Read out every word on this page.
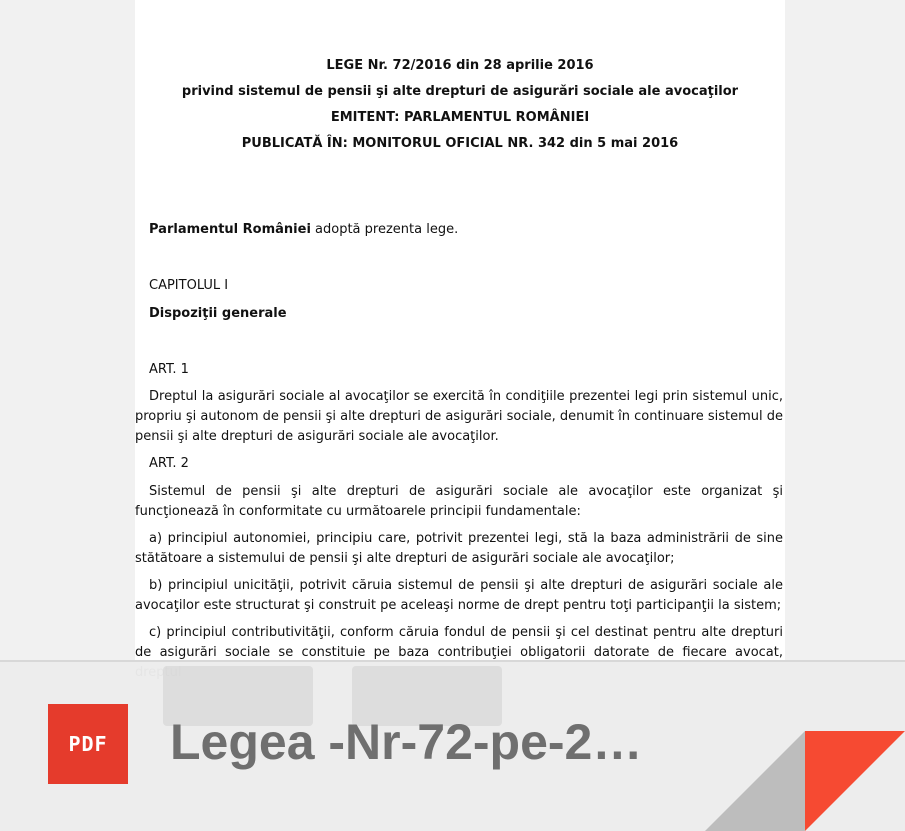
LEGE Nr. 72/2016 din 28 aprilie 2016
privind sistemul de pensii şi alte drepturi de asigurări sociale ale avocaţilor
EMITENT: PARLAMENTUL ROMÂNIEI
PUBLICATĂ ÎN: MONITORUL OFICIAL NR. 342 din 5 mai 2016
Parlamentul României adoptă prezenta lege.
CAPITOLUL I
Dispoziţii generale
ART. 1
Dreptul la asigurări sociale al avocaţilor se exercită în condiţiile prezentei legi prin sistemul unic, propriu şi autonom de pensii şi alte drepturi de asigurări sociale, denumit în continuare sistemul de pensii şi alte drepturi de asigurări sociale ale avocaţilor.
ART. 2
Sistemul de pensii şi alte drepturi de asigurări sociale ale avocaţilor este organizat şi funcţionează în conformitate cu următoarele principii fundamentale:
a) principiul autonomiei, principiu care, potrivit prezentei legi, stă la baza administrării de sine stătătoare a sistemului de pensii şi alte drepturi de asigurări sociale ale avocaţilor;
b) principiul unicităţii, potrivit căruia sistemul de pensii şi alte drepturi de asigurări sociale ale avocaţilor este structurat şi construit pe aceleaşi norme de drept pentru toţi participanţii la sistem;
c) principiul contributivităţii, conform căruia fondul de pensii şi cel destinat pentru alte drepturi de asigurări sociale se constituie pe baza contribuţiei obligatorii datorate de fiecare avocat,
PDF	Legea -Nr-72-pe-2…
